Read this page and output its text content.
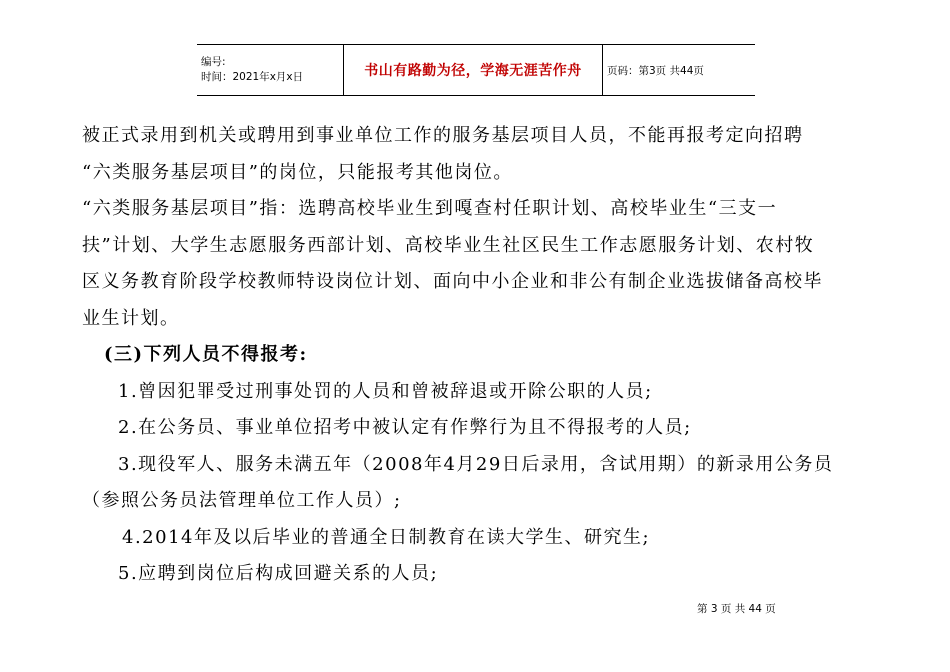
编号:
时间：2021年x月x日	书山有路勤为径，学海无涯苦作舟	页码：第3页 共44页

被正式录用到机关或聘用到事业单位工作的服务基层项目人员，不能再报考定向招聘

“六类服务基层项目”的岗位，只能报考其他岗位。

“六类服务基层项目”指：选聘高校毕业生到嘎查村任职计划、高校毕业生“三支一

扶”计划、大学生志愿服务西部计划、高校毕业生社区民生工作志愿服务计划、农村牧

区义务教育阶段学校教师特设岗位计划、面向中小企业和非公有制企业选拔储备高校毕

业生计划。

(三)下列人员不得报考:

1.曾因犯罪受过刑事处罚的人员和曾被辞退或开除公职的人员;

2.在公务员、事业单位招考中被认定有作弊行为且不得报考的人员;

3.现役军人、服务未满五年（2008年4月29日后录用，含试用期）的新录用公务员

（参照公务员法管理单位工作人员）;

4.2014年及以后毕业的普通全日制教育在读大学生、研究生;

5.应聘到岗位后构成回避关系的人员;

第 3 页 共 44 页
